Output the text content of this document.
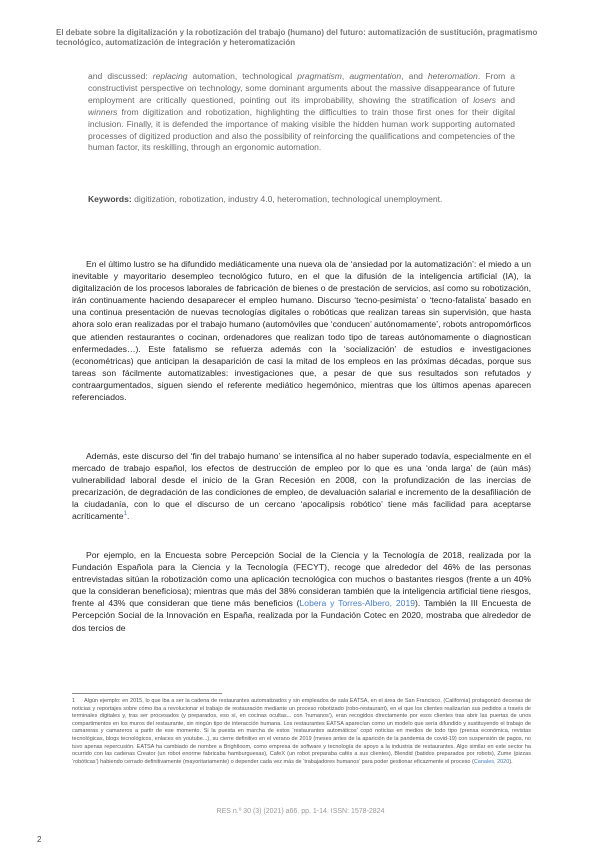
El debate sobre la digitalización y la robotización del trabajo (humano) del futuro: automatización de sustitución, pragmatismo tecnológico, automatización de integración y heteromatización

and discussed: replacing automation, technological pragmatism, augmentation, and heteromation. From a constructivist perspective on technology, some dominant arguments about the massive disappearance of future employment are critically questioned, pointing out its improbability, showing the stratification of losers and winners from digitization and robotization, highlighting the difficulties to train those first ones for their digital inclusion. Finally, it is defended the importance of making visible the hidden human work supporting automated processes of digitized production and also the possibility of reinforcing the qualifications and competencies of the human factor, its reskilling, through an ergonomic automation.

Keywords: digitization, robotization, industry 4.0, heteromation, technological unemployment.

En el último lustro se ha difundido mediáticamente una nueva ola de ‘ansiedad por la automatización’: el miedo a un inevitable y mayoritario desempleo tecnológico futuro, en el que la difusión de la inteligencia artificial (IA), la digitalización de los procesos laborales de fabricación de bienes o de prestación de servicios, así como su robotización, irán continuamente haciendo desaparecer el empleo humano. Discurso ‘tecno-pesimista’ o ‘tecno-fatalista’ basado en una continua presentación de nuevas tecnologías digitales o robóticas que realizan tareas sin supervisión, que hasta ahora solo eran realizadas por el trabajo humano (automóviles que ‘conducen’ autónomamente’, robots antropomórficos que atienden restaurantes o cocinan, ordenadores que realizan todo tipo de tareas autónomamente o diagnostican enfermedades…). Este fatalismo se refuerza además con la ‘socialización’ de estudios e investigaciones (econométricas) que anticipan la desaparición de casi la mitad de los empleos en las próximas décadas, porque sus tareas son fácilmente automatizables: investigaciones que, a pesar de que sus resultados son refutados y contraargumentados, siguen siendo el referente mediático hegemónico, mientras que los últimos apenas aparecen referenciados.

Además, este discurso del ‘fin del trabajo humano’ se intensifica al no haber superado todavía, especialmente en el mercado de trabajo español, los efectos de destrucción de empleo por lo que es una ‘onda larga’ de (aún más) vulnerabilidad laboral desde el inicio de la Gran Recesión en 2008, con la profundización de las inercias de precarización, de degradación de las condiciones de empleo, de devaluación salarial e incremento de la desafiliación de la ciudadanía, con lo que el discurso de un cercano ‘apocalipsis robótico’ tiene más facilidad para aceptarse acríticamente$^1$.

Por ejemplo, en la Encuesta sobre Percepción Social de la Ciencia y la Tecnología de 2018, realizada por la Fundación Española para la Ciencia y la Tecnología (FECYT), recoge que alrededor del 46% de las personas entrevistadas sitúan la robotización como una aplicación tecnológica con muchos o bastantes riesgos (frente a un 40% que la consideran beneficiosa); mientras que más del 38% consideran también que la inteligencia artificial tiene riesgos, frente al 43% que consideran que tiene más beneficios (Lobera y Torres-Albero, 2019). También la III Encuesta de Percepción Social de la Innovación en España, realizada por la Fundación Cotec en 2020, mostraba que alrededor de dos tercios de

1 Algún ejemplo: en 2015, lo que iba a ser la cadena de restaurantes automatizados y sin empleados de sala EATSA, en el área de San Francisco, (California) protagonizó decenas de noticias y reportajes sobre cómo iba a revolucionar el trabajo de restauración mediante un proceso robotizado (robo-restaurant), en el que los clientes realizarían sus pedidos a través de terminales digitales y, tras ser procesados (y preparados, eso sí, en cocinas ocultas... con ‘humanos’), eran recogidos directamente por esos clientes tras abrir las puertas de unos compartimentos en los muros del restaurante, sin ningún tipo de interacción humana. Los restaurantes EATSA aparecían como un modelo que sería difundido y sustituyendo el trabajo de camareras y camareros a partir de ese momento. Si la puesta en marcha de estos ‘restaurantes automáticos’ copó noticias en medios de todo tipo (prensa económica, revistas tecnológicas, blogs tecnológicos, enlaces en youtube...), su cierre definitivo en el verano de 2019 (meses antes de la aparición de la pandemia de covid-19) con suspensión de pagos, no tuvo apenas repercusión. EATSA ha cambiado de nombre a Brightloom, como empresa de software y tecnología de apoyo a la industria de restaurantes. Algo similar en este sector ha ocurrido con las cadenas Creator (un robot enorme fabricaba hamburguesas), CafeX (un robot preparaba cafés a sus clientes), Blendid (batidos preparados por robots), Zume (pizzas ‘robóticas’) habiendo cerrado definitivamente (mayoritariamente) o depender cada vez más de ‘trabajadores humanos’ para poder gestionar eficazmente el proceso (Canales, 2020).

RES n.º 30 (3) (2021) a66. pp. 1-14. ISSN: 1578-2824
2
